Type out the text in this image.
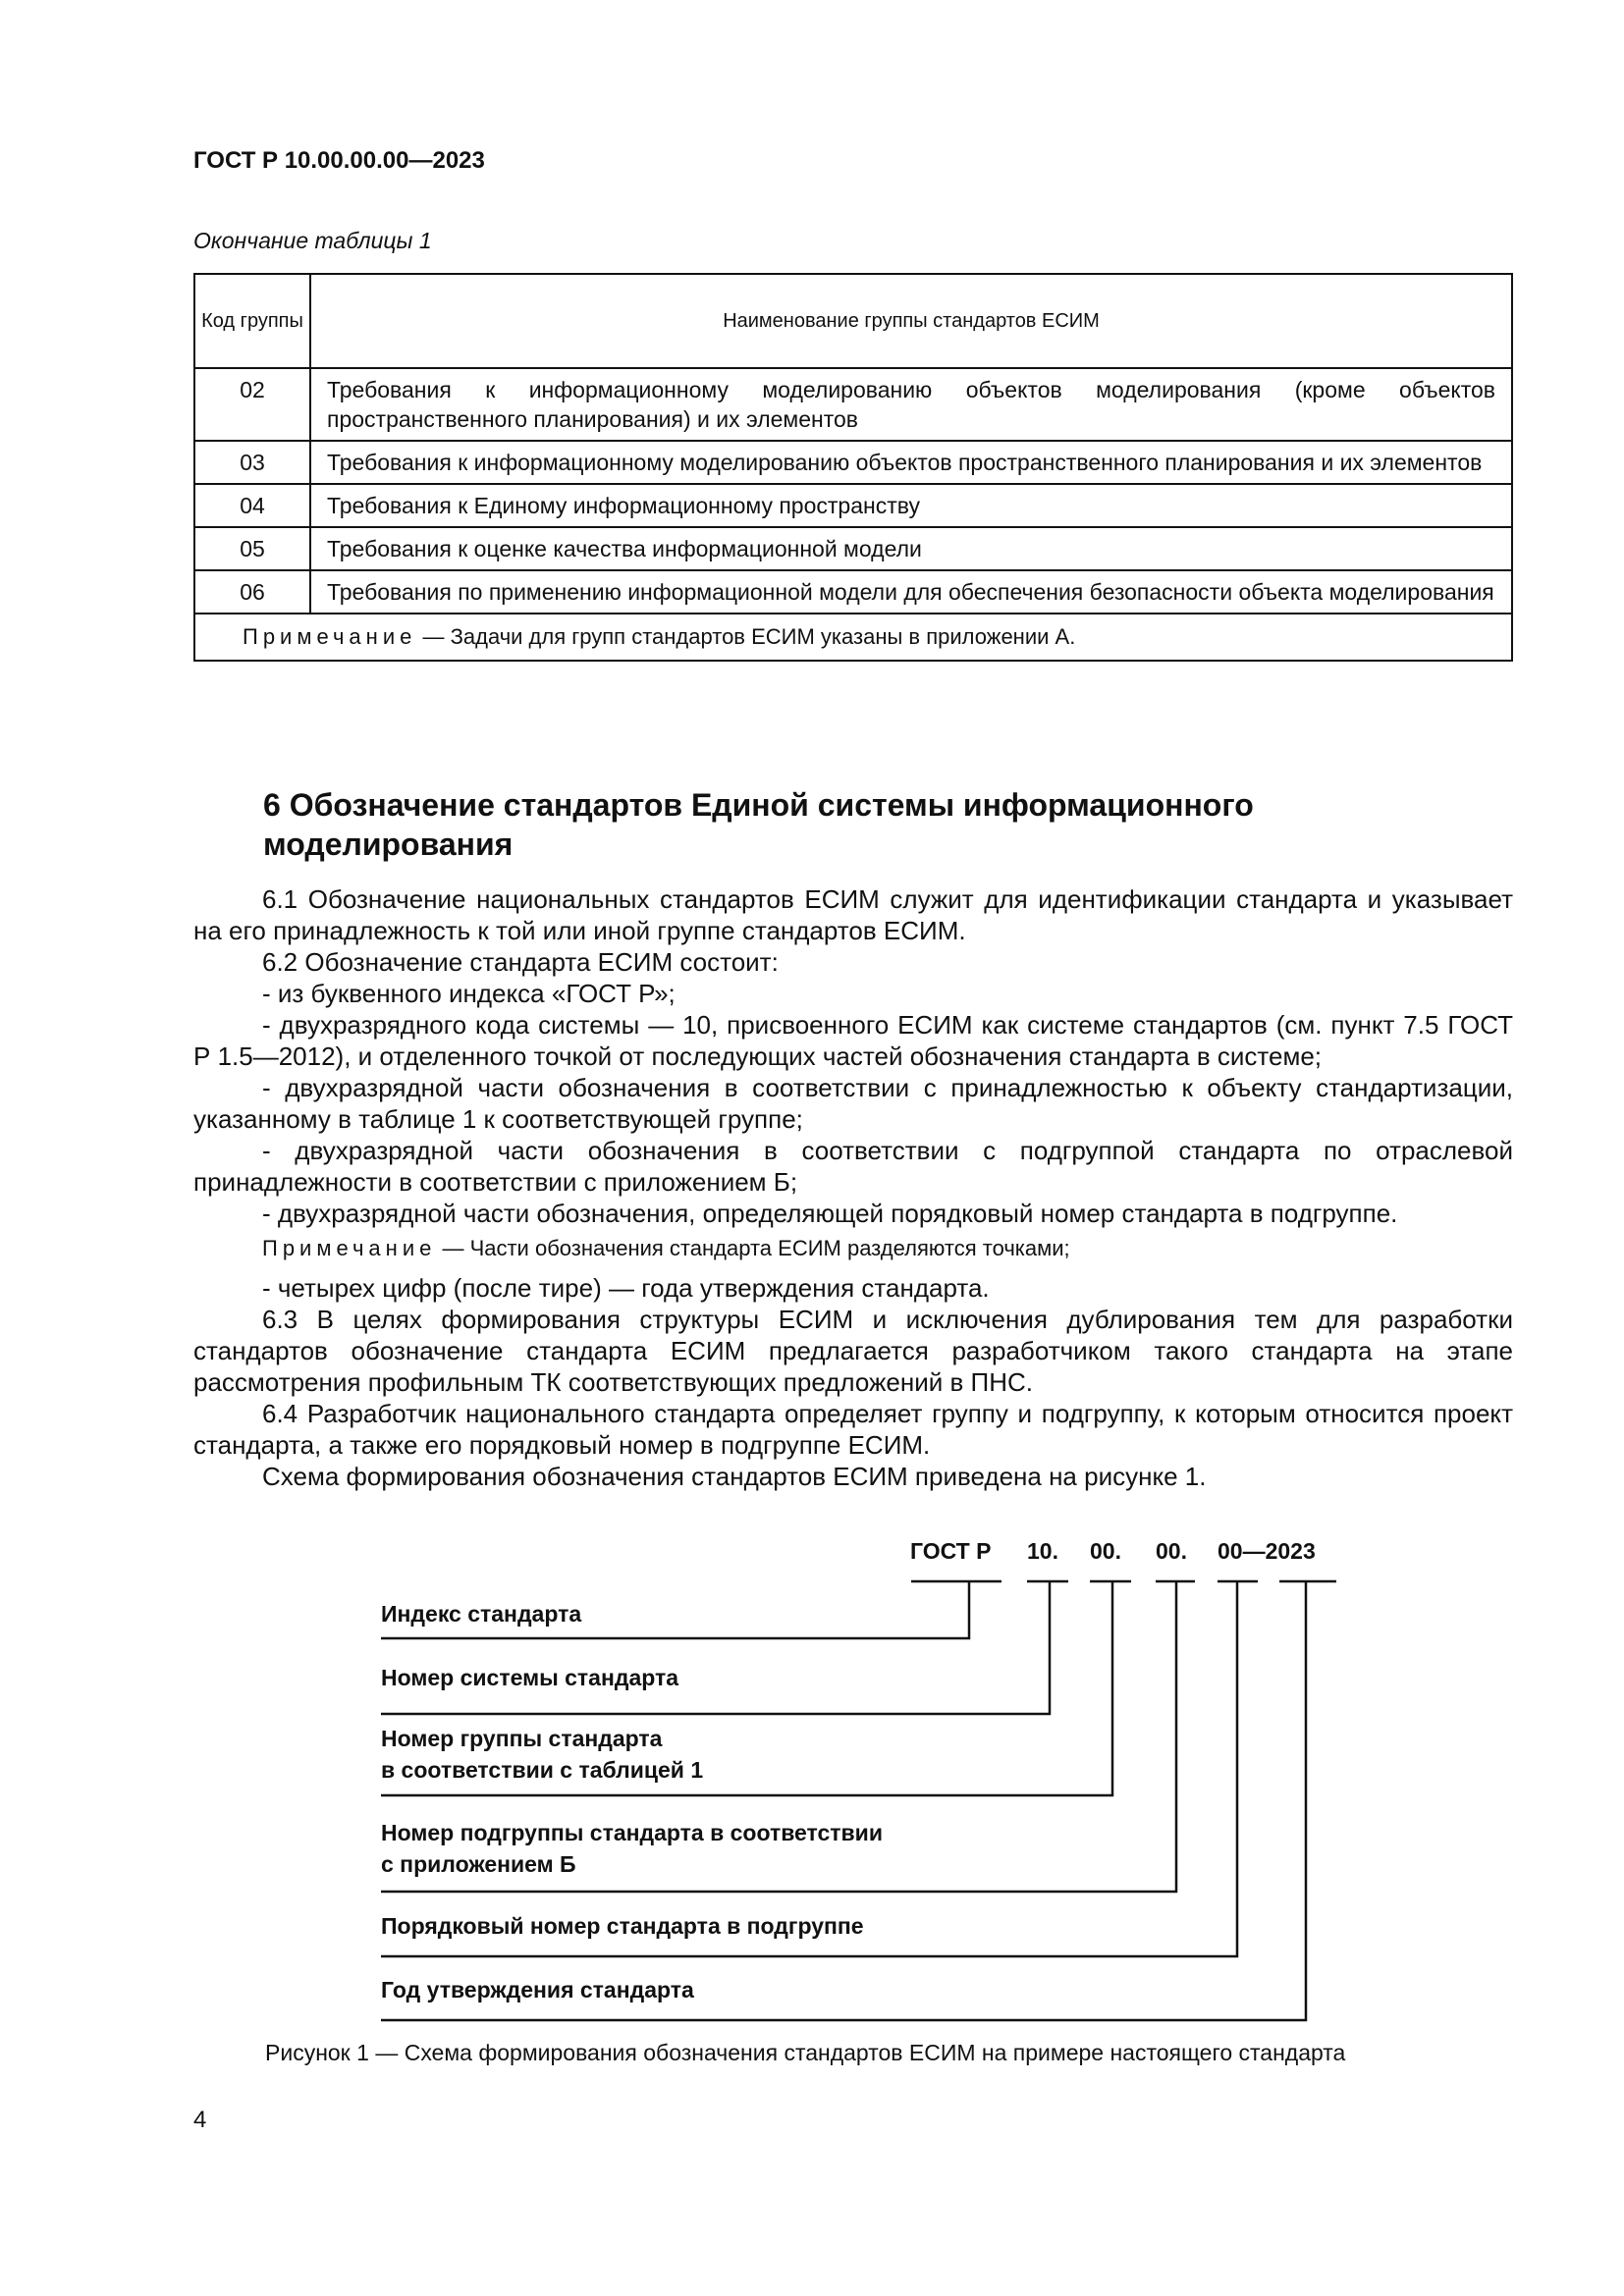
ГОСТ Р 10.00.00.00—2023
Окончание таблицы 1
Код группы	Наименование группы стандартов ЕСИМ
02	Требования к информационному моделированию объектов моделирования (кроме объектов пространственного планирования) и их элементов
03	Требования к информационному моделированию объектов пространственного планирования и их элементов
04	Требования к Единому информационному пространству
05	Требования к оценке качества информационной модели
06	Требования по применению информационной модели для обеспечения безопасности объекта моделирования
Примечание — Задачи для групп стандартов ЕСИМ указаны в приложении А.	
6 Обозначение стандартов Единой системы информационного моделирования

6.1 Обозначение национальных стандартов ЕСИМ служит для идентификации стандарта и указывает на его принадлежность к той или иной группе стандартов ЕСИМ.

6.2 Обозначение стандарта ЕСИМ состоит:

- из буквенного индекса «ГОСТ Р»;

- двухразрядного кода системы — 10, присвоенного ЕСИМ как системе стандартов (см. пункт 7.5 ГОСТ Р 1.5—2012), и отделенного точкой от последующих частей обозначения стандарта в системе;

- двухразрядной части обозначения в соответствии с принадлежностью к объекту стандартизации, указанному в таблице 1 к соответствующей группе;

- двухразрядной части обозначения в соответствии с подгруппой стандарта по отраслевой принадлежности в соответствии с приложением Б;

- двухразрядной части обозначения, определяющей порядковый номер стандарта в подгруппе.

Примечание — Части обозначения стандарта ЕСИМ разделяются точками;

- четырех цифр (после тире) — года утверждения стандарта.

6.3 В целях формирования структуры ЕСИМ и исключения дублирования тем для разработки стандартов обозначение стандарта ЕСИМ предлагается разработчиком такого стандарта на этапе рассмотрения профильным ТК соответствующих предложений в ПНС.

6.4 Разработчик национального стандарта определяет группу и подгруппу, к которым относится проект стандарта, а также его порядковый номер в подгруппе ЕСИМ.

Схема формирования обозначения стандартов ЕСИМ приведена на рисунке 1.

ГОСТ Р 10. 00. 00. 00—2023
Индекс стандарта
Номер системы стандарта
Номер группы стандарта
в соответствии с таблицей 1
Номер подгруппы стандарта в соответствии
с приложением Б
Порядковый номер стандарта в подгруппе
Год утверждения стандарта
Рисунок 1 — Схема формирования обозначения стандартов ЕСИМ на примере настоящего стандарта
4
